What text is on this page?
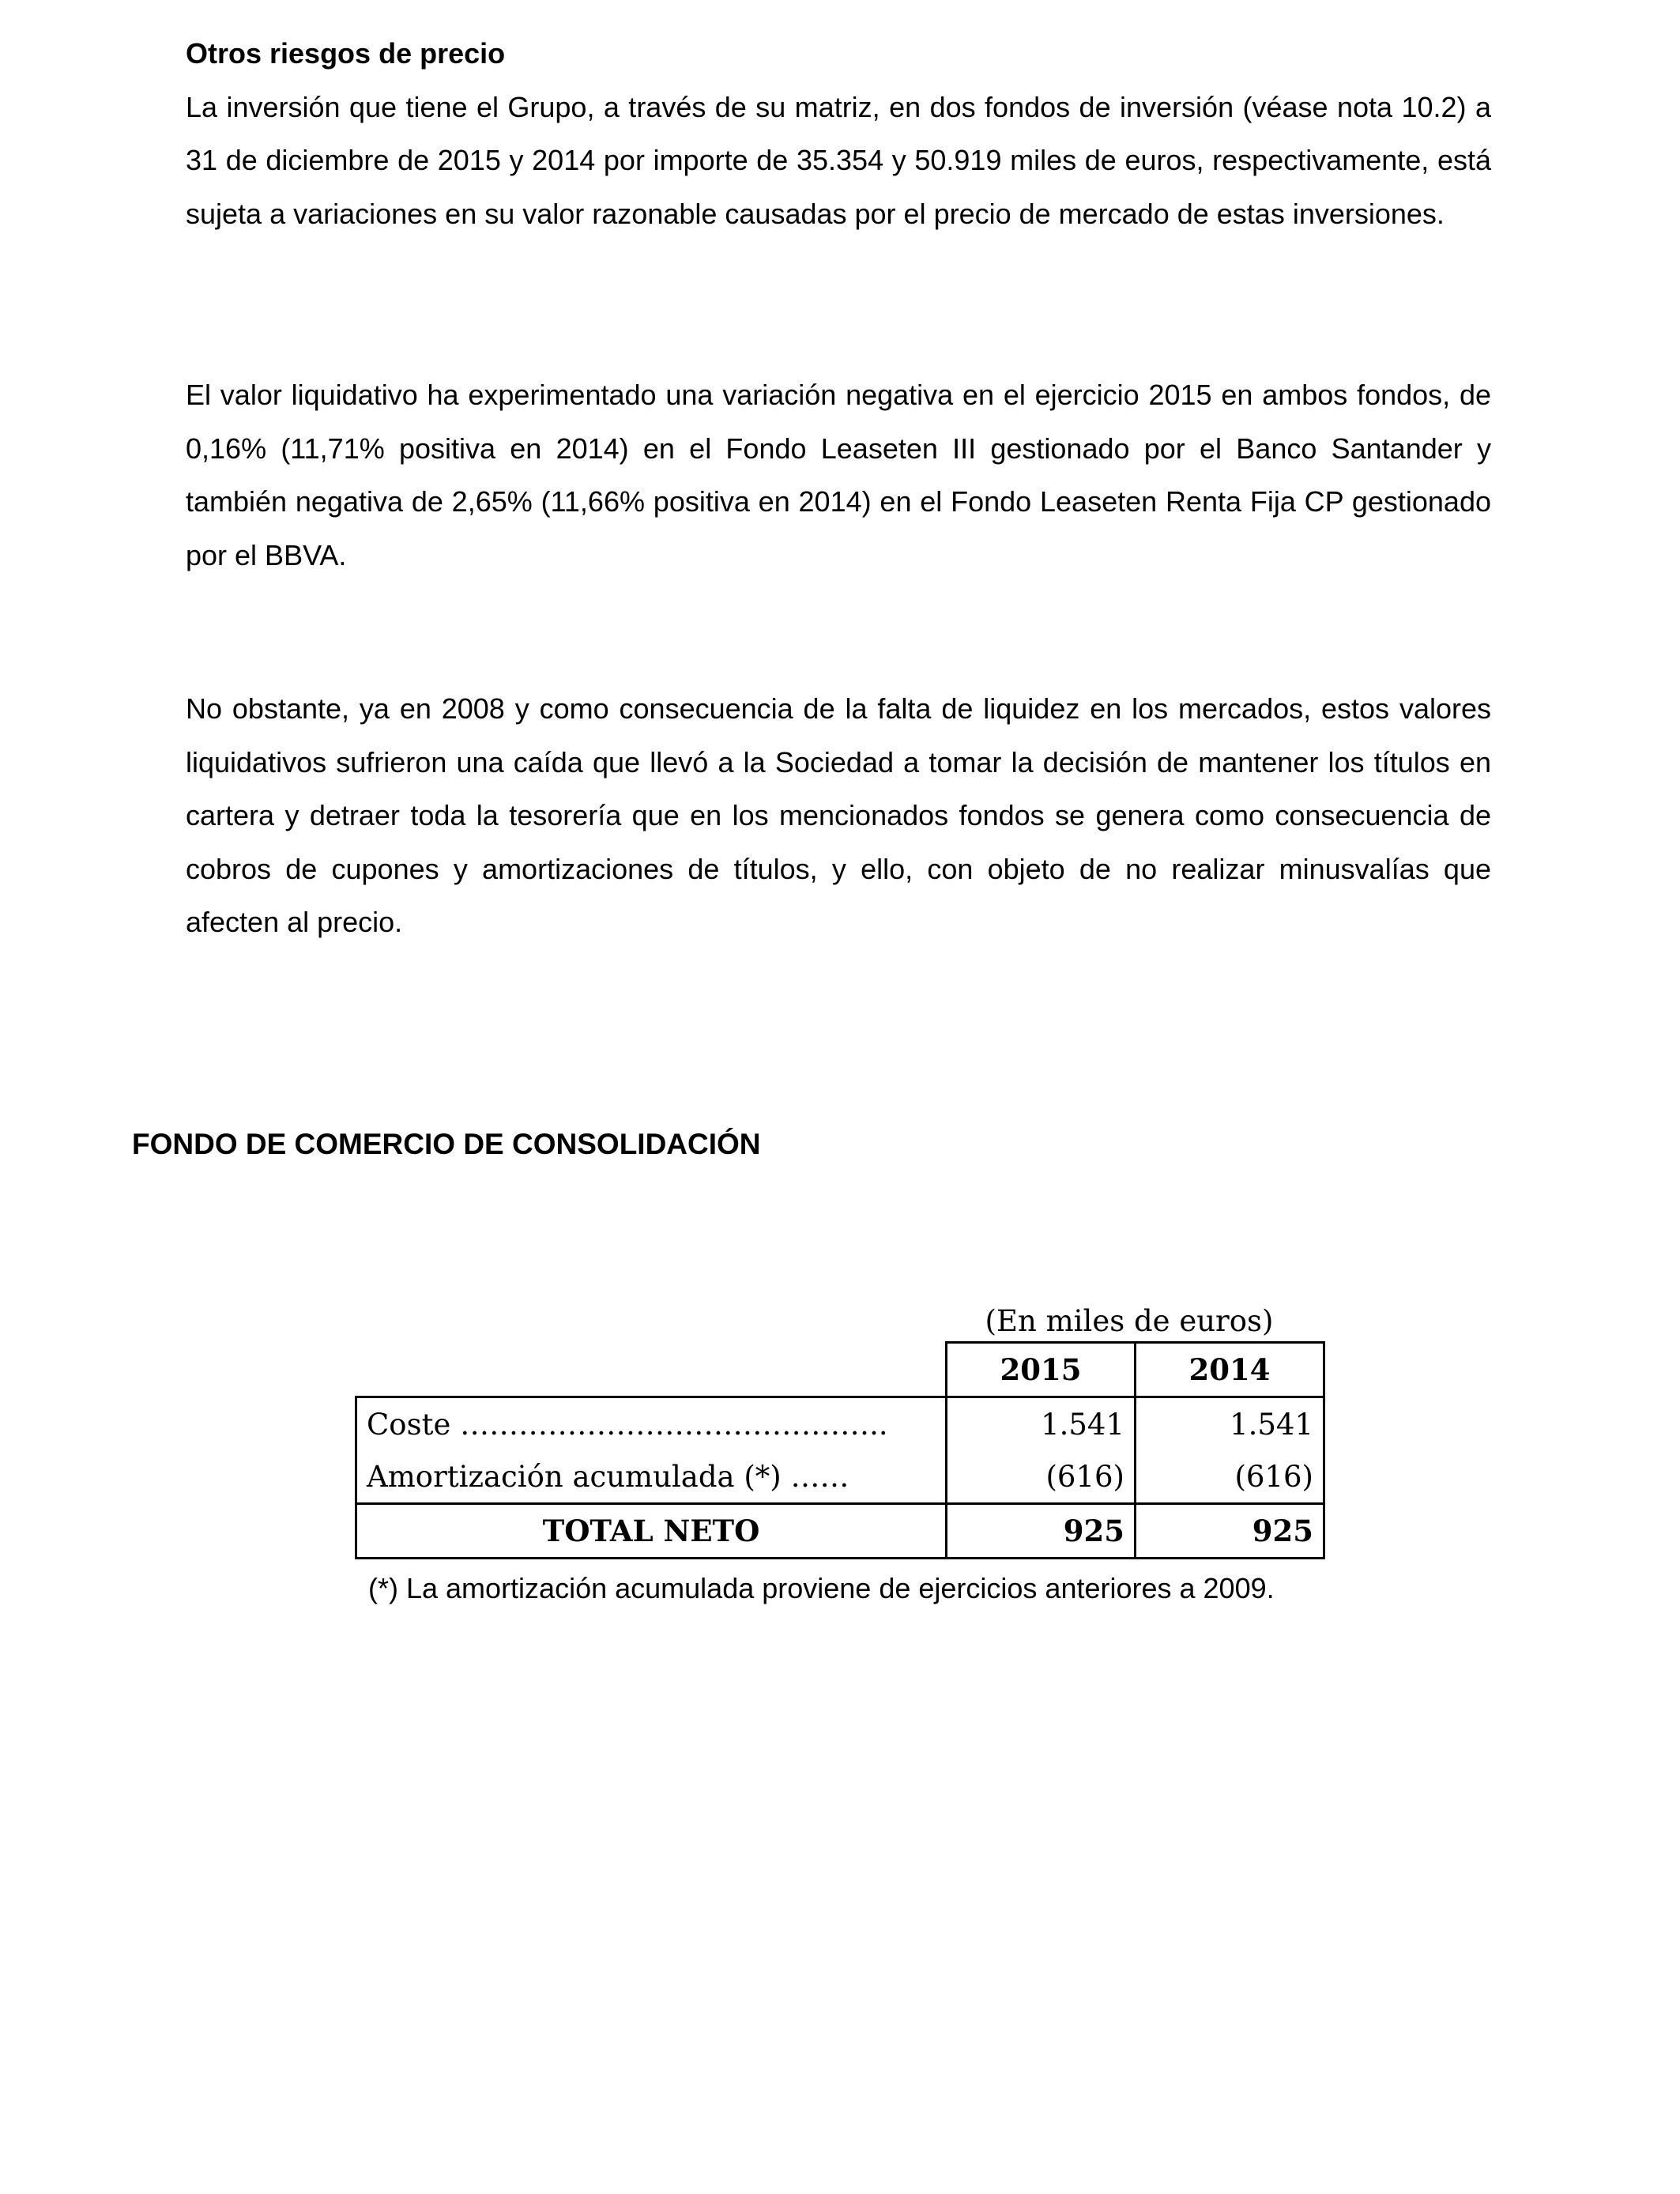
Otros riesgos de precio

La inversión que tiene el Grupo, a través de su matriz, en dos fondos de inversión (véase nota 10.2) a 31 de diciembre de 2015 y 2014 por importe de 35.354 y 50.919 miles de euros, respectivamente, está sujeta a variaciones en su valor razonable causadas por el precio de mercado de estas inversiones.

El valor liquidativo ha experimentado una variación negativa en el ejercicio 2015 en ambos fondos, de 0,16% (11,71% positiva en 2014) en el Fondo Leaseten III gestionado por el Banco Santander y también negativa de 2,65% (11,66% positiva en 2014) en el Fondo Leaseten Renta Fija CP gestionado por el BBVA.

No obstante, ya en 2008 y como consecuencia de la falta de liquidez en los mercados, estos valores liquidativos sufrieron una caída que llevó a la Sociedad a tomar la decisión de mantener los títulos en cartera y detraer toda la tesorería que en los mencionados fondos se genera como consecuencia de cobros de cupones y amortizaciones de títulos, y ello, con objeto de no realizar minusvalías que afecten al precio.

FONDO DE COMERCIO DE CONSOLIDACIÓN
(En miles de euros)
	2015	2014
Coste ……………………………………..	1.541	1.541
Amortización acumulada (*) ……	(616)	(616)
TOTAL NETO	925	925
(*) La amortización acumulada proviene de ejercicios anteriores a 2009.
